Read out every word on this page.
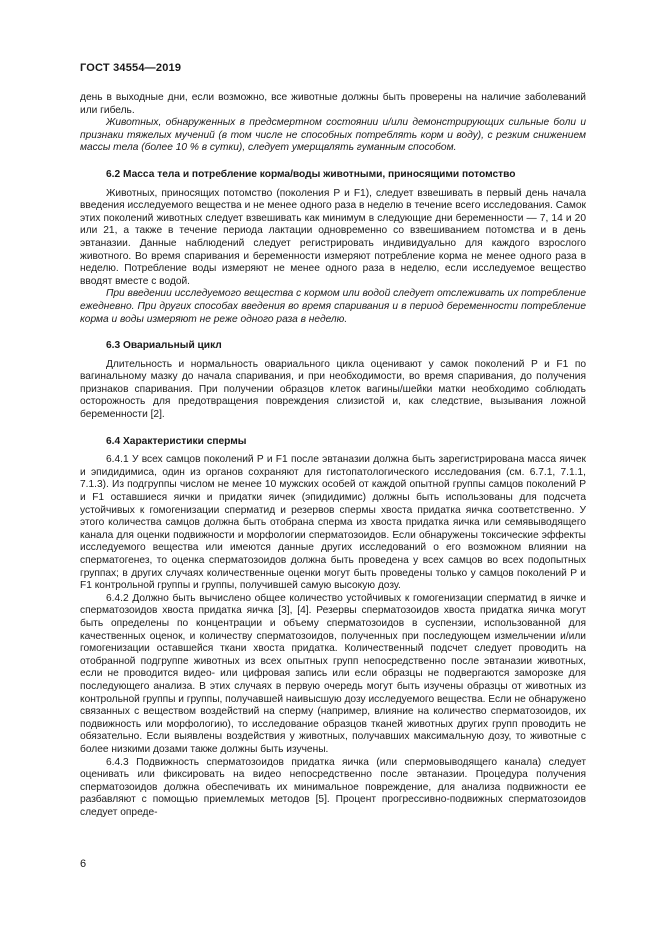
ГОСТ 34554—2019

день в выходные дни, если возможно, все животные должны быть проверены на наличие заболеваний или гибель.

Животных, обнаруженных в предсмертном состоянии и/или демонстрирующих сильные боли и признаки тяжелых мучений (в том числе не способных потреблять корм и воду), с резким снижением массы тела (более 10 % в сутки), следует умерщвлять гуманным способом.

6.2 Масса тела и потребление корма/воды животными, приносящими потомство

Животных, приносящих потомство (поколения P и F1), следует взвешивать в первый день начала введения исследуемого вещества и не менее одного раза в неделю в течение всего исследования. Самок этих поколений животных следует взвешивать как минимум в следующие дни беременности — 7, 14 и 20 или 21, а также в течение периода лактации одновременно со взвешиванием потомства и в день эвтаназии. Данные наблюдений следует регистрировать индивидуально для каждого взрослого животного. Во время спаривания и беременности измеряют потребление корма не менее одного раза в неделю. Потребление воды измеряют не менее одного раза в неделю, если исследуемое вещество вводят вместе с водой.

При введении исследуемого вещества с кормом или водой следует отслеживать их потребление ежедневно. При других способах введения во время спаривания и в период беременности потребление корма и воды измеряют не реже одного раза в неделю.

6.3 Овариальный цикл

Длительность и нормальность овариального цикла оценивают у самок поколений P и F1 по вагинальному мазку до начала спаривания, и при необходимости, во время спаривания, до получения признаков спаривания. При получении образцов клеток вагины/шейки матки необходимо соблюдать осторожность для предотвращения повреждения слизистой и, как следствие, вызывания ложной беременности [2].

6.4 Характеристики спермы

6.4.1 У всех самцов поколений P и F1 после эвтаназии должна быть зарегистрирована масса яичек и эпидидимиса, один из органов сохраняют для гистопатологического исследования (см. 6.7.1, 7.1.1, 7.1.3). Из подгруппы числом не менее 10 мужских особей от каждой опытной группы самцов поколений P и F1 оставшиеся яички и придатки яичек (эпидидимис) должны быть использованы для подсчета устойчивых к гомогенизации сперматид и резервов спермы хвоста придатка яичка соответственно. У этого количества самцов должна быть отобрана сперма из хвоста придатка яичка или семявыводящего канала для оценки подвижности и морфологии сперматозоидов. Если обнаружены токсические эффекты исследуемого вещества или имеются данные других исследований о его возможном влиянии на сперматогенез, то оценка сперматозоидов должна быть проведена у всех самцов во всех подопытных группах; в других случаях количественные оценки могут быть проведены только у самцов поколений P и F1 контрольной группы и группы, получившей самую высокую дозу.

6.4.2 Должно быть вычислено общее количество устойчивых к гомогенизации сперматид в яичке и сперматозоидов хвоста придатка яичка [3], [4]. Резервы сперматозоидов хвоста придатка яичка могут быть определены по концентрации и объему сперматозоидов в суспензии, использованной для качественных оценок, и количеству сперматозоидов, полученных при последующем измельчении и/или гомогенизации оставшейся ткани хвоста придатка. Количественный подсчет следует проводить на отобранной подгруппе животных из всех опытных групп непосредственно после эвтаназии животных, если не проводится видео- или цифровая запись или если образцы не подвергаются заморозке для последующего анализа. В этих случаях в первую очередь могут быть изучены образцы от животных из контрольной группы и группы, получавшей наивысшую дозу исследуемого вещества. Если не обнаружено связанных с веществом воздействий на сперму (например, влияние на количество сперматозоидов, их подвижность или морфологию), то исследование образцов тканей животных других групп проводить не обязательно. Если выявлены воздействия у животных, получавших максимальную дозу, то животные с более низкими дозами также должны быть изучены.

6.4.3 Подвижность сперматозоидов придатка яичка (или спермовыводящего канала) следует оценивать или фиксировать на видео непосредственно после эвтаназии. Процедура получения сперматозоидов должна обеспечивать их минимальное повреждение, для анализа подвижности ее разбавляют с помощью приемлемых методов [5]. Процент прогрессивно-подвижных сперматозоидов следует опреде-

6
